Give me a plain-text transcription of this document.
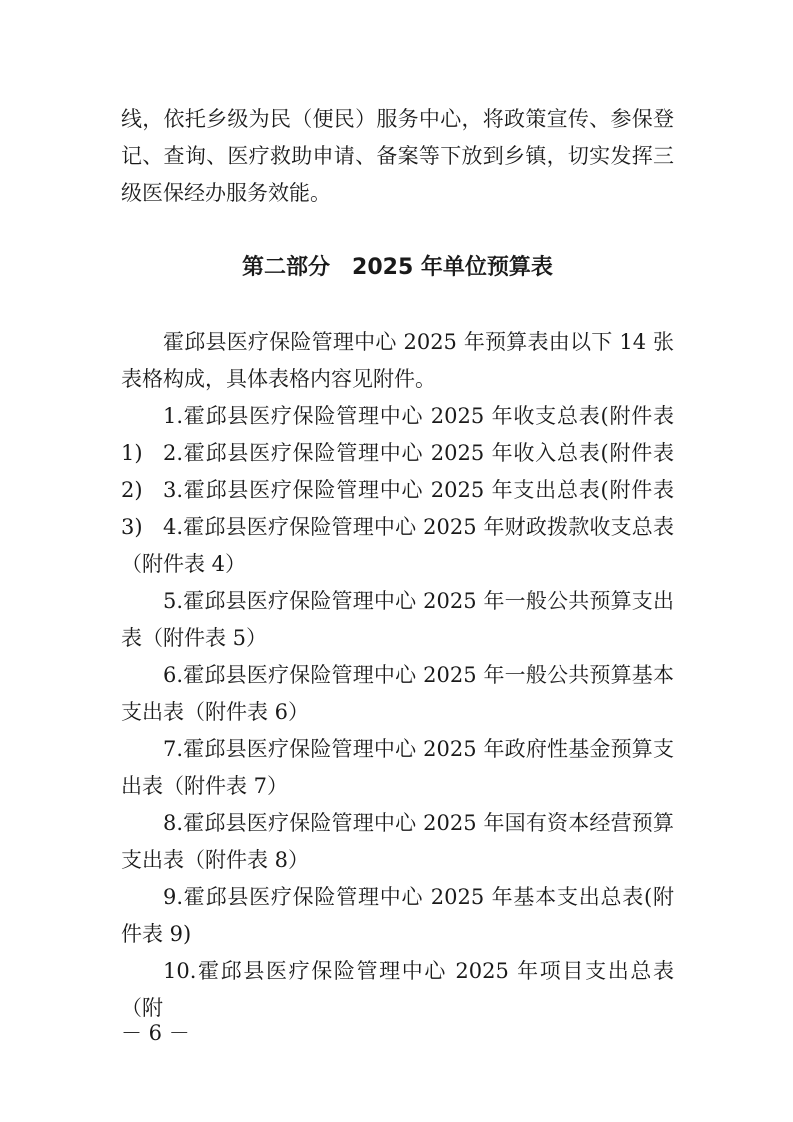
线，依托乡级为民（便民）服务中心，将政策宣传、参保登记、查询、医疗救助申请、备案等下放到乡镇，切实发挥三级医保经办服务效能。

第二部分　2025 年单位预算表

霍邱县医疗保险管理中心 2025 年预算表由以下 14 张表格构成，具体表格内容见附件。

1.霍邱县医疗保险管理中心 2025 年收支总表(附件表 1) 2.霍邱县医疗保险管理中心 2025 年收入总表(附件表 2) 3.霍邱县医疗保险管理中心 2025 年支出总表(附件表 3) 4.霍邱县医疗保险管理中心 2025 年财政拨款收支总表（附件表 4）

5.霍邱县医疗保险管理中心 2025 年一般公共预算支出表（附件表 5）

6.霍邱县医疗保险管理中心 2025 年一般公共预算基本支出表（附件表 6）

7.霍邱县医疗保险管理中心 2025 年政府性基金预算支出表（附件表 7）

8.霍邱县医疗保险管理中心 2025 年国有资本经营预算支出表（附件表 8）

9.霍邱县医疗保险管理中心 2025 年基本支出总表(附件表 9)

10.霍邱县医疗保险管理中心 2025 年项目支出总表（附

－ 6 －
